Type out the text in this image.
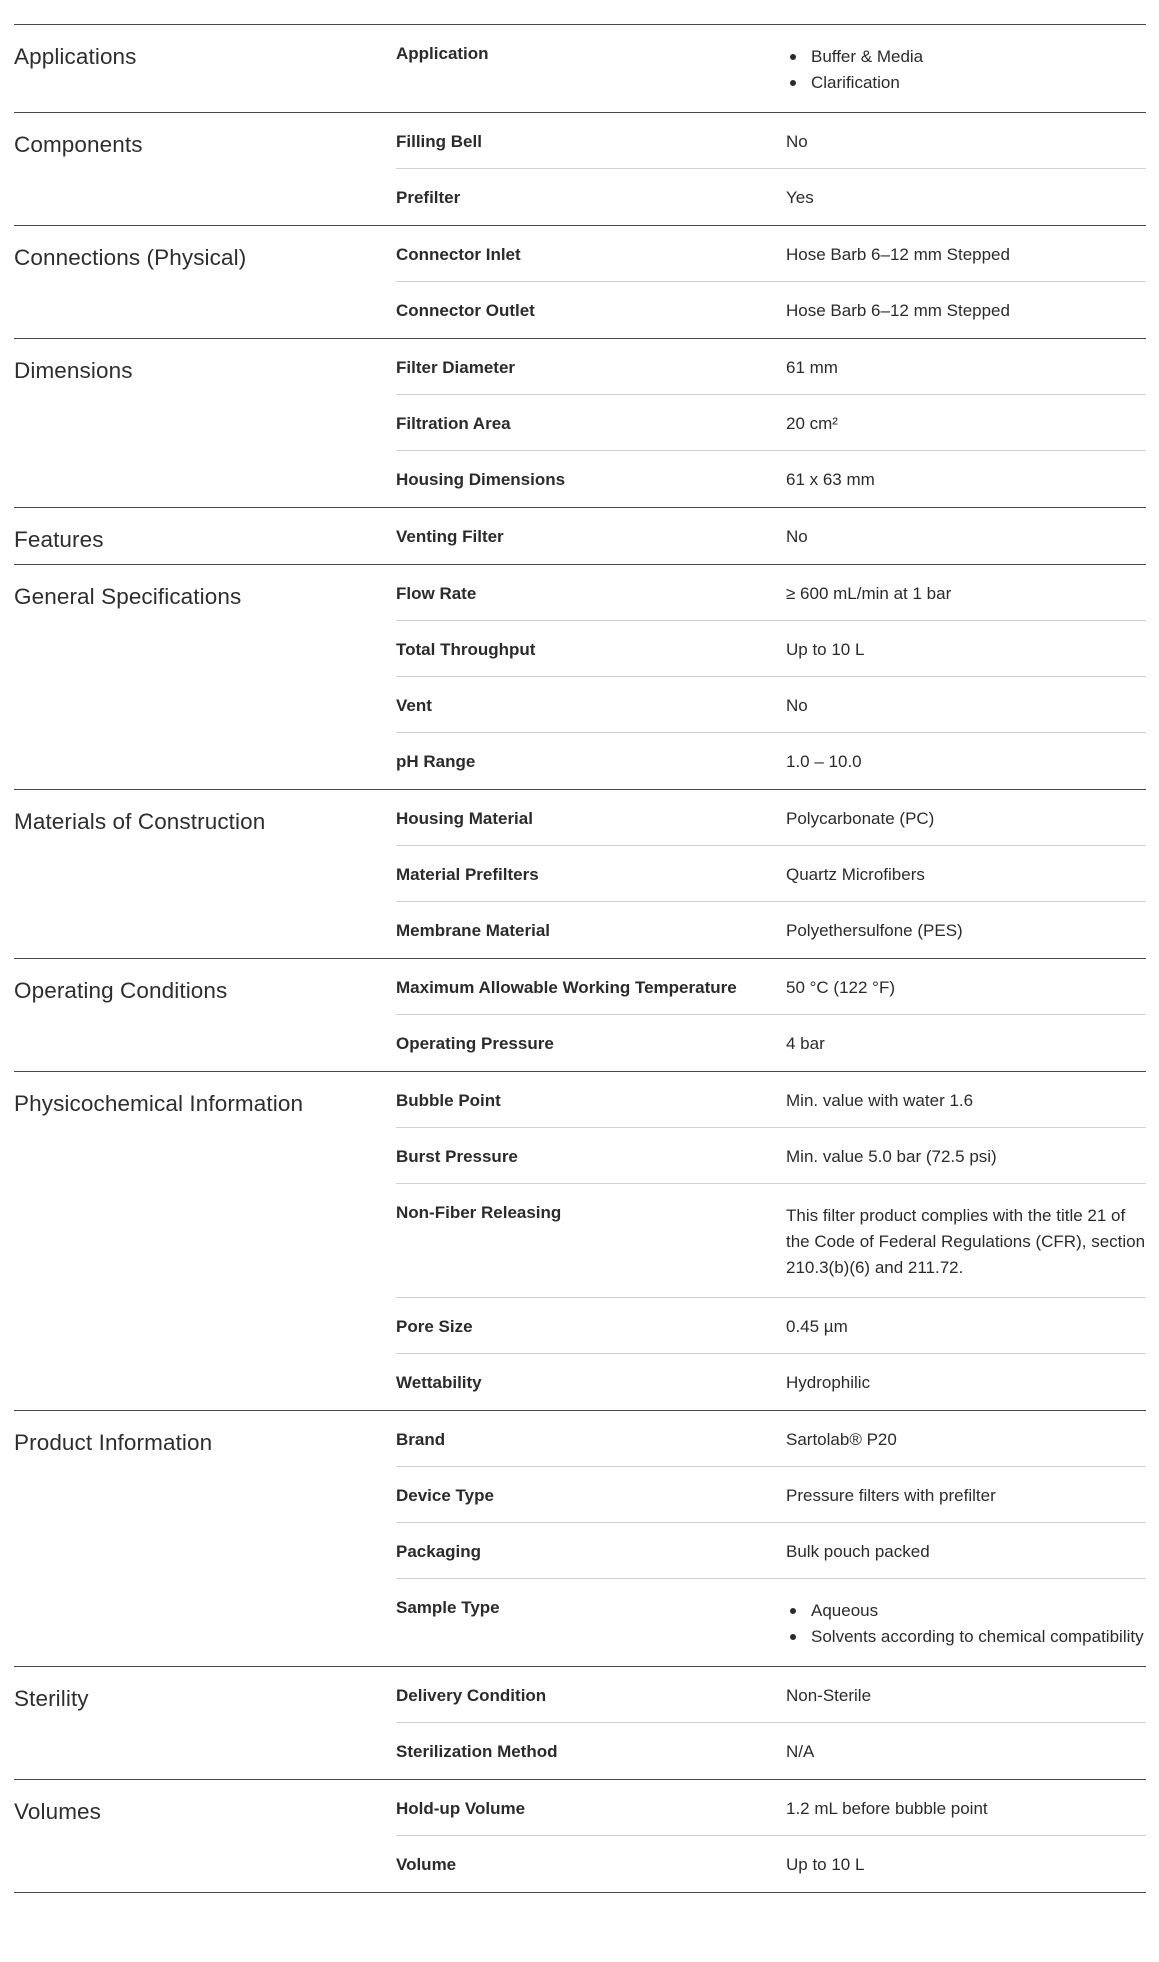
Applications	Application	Buffer & Media
Clarification
Components	Filling Bell	No
Prefilter	Yes
Connections (Physical)	Connector Inlet	Hose Barb 6–12 mm Stepped
Connector Outlet	Hose Barb 6–12 mm Stepped
Dimensions	Filter Diameter	61 mm
Filtration Area	20 cm²
Housing Dimensions	61 x 63 mm
Features	Venting Filter	No
General Specifications	Flow Rate	≥ 600 mL/min at 1 bar
Total Throughput	Up to 10 L
Vent	No
pH Range	1.0 – 10.0
Materials of Construction	Housing Material	Polycarbonate (PC)
Material Prefilters	Quartz Microfibers
Membrane Material	Polyethersulfone (PES)
Operating Conditions	Maximum Allowable Working Temperature	50 °C (122 °F)
Operating Pressure	4 bar
Physicochemical Information	Bubble Point	Min. value with water 1.6
Burst Pressure	Min. value 5.0 bar (72.5 psi)
Non-Fiber Releasing	This filter product complies with the title 21 of the Code of Federal Regulations (CFR), section 210.3(b)(6) and 211.72.
Pore Size	0.45 µm
Wettability	Hydrophilic
Product Information	Brand	Sartolab® P20
Device Type	Pressure filters with prefilter
Packaging	Bulk pouch packed
Sample Type	Aqueous
Solvents according to chemical compatibility
Sterility	Delivery Condition	Non-Sterile
Sterilization Method	N/A
Volumes	Hold-up Volume	1.2 mL before bubble point
Volume	Up to 10 L
